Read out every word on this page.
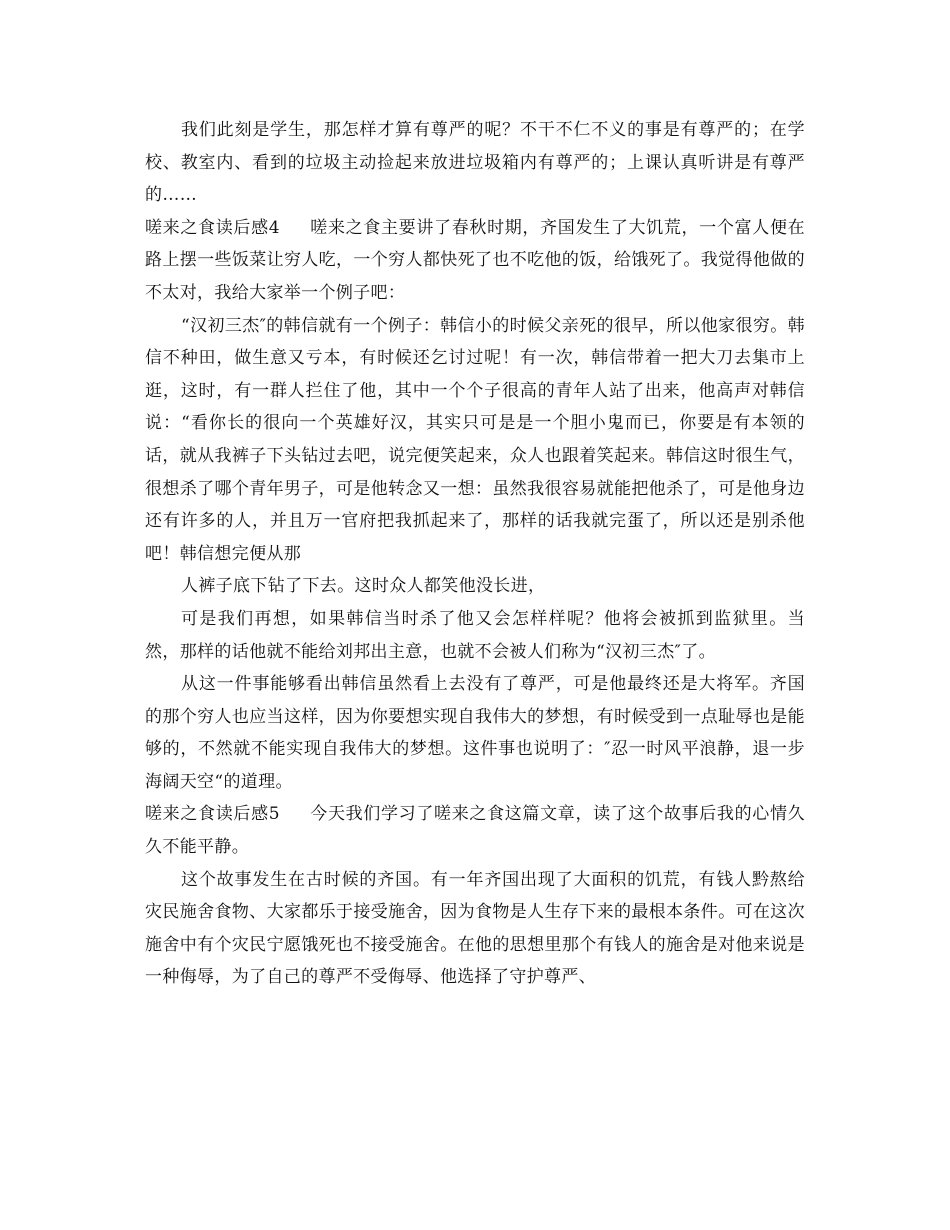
我们此刻是学生，那怎样才算有尊严的呢？不干不仁不义的事是有尊严的；在学校、教室内、看到的垃圾主动捡起来放进垃圾箱内有尊严的；上课认真听讲是有尊严的……

嗟来之食读后感4 嗟来之食主要讲了春秋时期，齐国发生了大饥荒，一个富人便在路上摆一些饭菜让穷人吃，一个穷人都快死了也不吃他的饭，给饿死了。我觉得他做的不太对，我给大家举一个例子吧：

“汉初三杰″的韩信就有一个例子：韩信小的时候父亲死的很早，所以他家很穷。韩信不种田，做生意又亏本，有时候还乞讨过呢！有一次，韩信带着一把大刀去集市上逛，这时，有一群人拦住了他，其中一个个子很高的青年人站了出来，他高声对韩信说：“看你长的很向一个英雄好汉，其实只可是是一个胆小鬼而已，你要是有本领的话，就从我裤子下头钻过去吧，说完便笑起来，众人也跟着笑起来。韩信这时很生气，很想杀了哪个青年男子，可是他转念又一想：虽然我很容易就能把他杀了，可是他身边还有许多的人，并且万一官府把我抓起来了，那样的话我就完蛋了，所以还是别杀他吧！韩信想完便从那

人裤子底下钻了下去。这时众人都笑他没长进，

可是我们再想，如果韩信当时杀了他又会怎样样呢？他将会被抓到监狱里。当然，那样的话他就不能给刘邦出主意，也就不会被人们称为“汉初三杰″了。

从这一件事能够看出韩信虽然看上去没有了尊严，可是他最终还是大将军。齐国的那个穷人也应当这样，因为你要想实现自我伟大的梦想，有时候受到一点耻辱也是能够的，不然就不能实现自我伟大的梦想。这件事也说明了：″忍一时风平浪静，退一步海阔天空“的道理。

嗟来之食读后感5 今天我们学习了嗟来之食这篇文章，读了这个故事后我的心情久久不能平静。

这个故事发生在古时候的齐国。有一年齐国出现了大面积的饥荒，有钱人黔熬给灾民施舍食物、大家都乐于接受施舍，因为食物是人生存下来的最根本条件。可在这次施舍中有个灾民宁愿饿死也不接受施舍。在他的思想里那个有钱人的施舍是对他来说是一种侮辱，为了自己的尊严不受侮辱、他选择了守护尊严、
